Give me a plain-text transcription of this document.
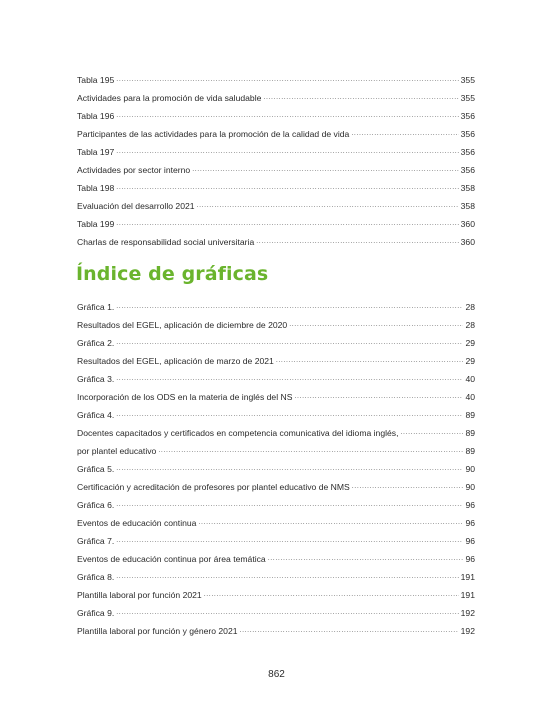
Tabla 195 .....	355
Actividades para la promoción de vida saludable .....	355
Tabla 196 .....	356
Participantes de las actividades para la promoción de la calidad de vida .....	356
Tabla 197 .....	356
Actividades por sector interno .....	356
Tabla 198 .....	358
Evaluación del desarrollo 2021 .....	358
Tabla 199 .....	360
Charlas de responsabilidad social universitaria .....	360
Índice de gráficas
Gráfica 1. .....	28
Resultados del EGEL, aplicación de diciembre de 2020 .....	28
Gráfica 2. .....	29
Resultados del EGEL, aplicación de marzo de 2021 .....	29
Gráfica 3. .....	40
Incorporación de los ODS en la materia de inglés del NS .....	40
Gráfica 4. .....	89
Docentes capacitados y certificados en competencia comunicativa del idioma inglés, .....	89
por plantel educativo .....	89
Gráfica 5. .....	90
Certificación y acreditación de profesores por plantel educativo de NMS .....	90
Gráfica 6. .....	96
Eventos de educación continua .....	96
Gráfica 7. .....	96
Eventos de educación continua por área temática .....	96
Gráfica 8. .....	191
Plantilla laboral por función 2021 .....	191
Gráfica 9. .....	192
Plantilla laboral por función y género 2021 .....	192
862
